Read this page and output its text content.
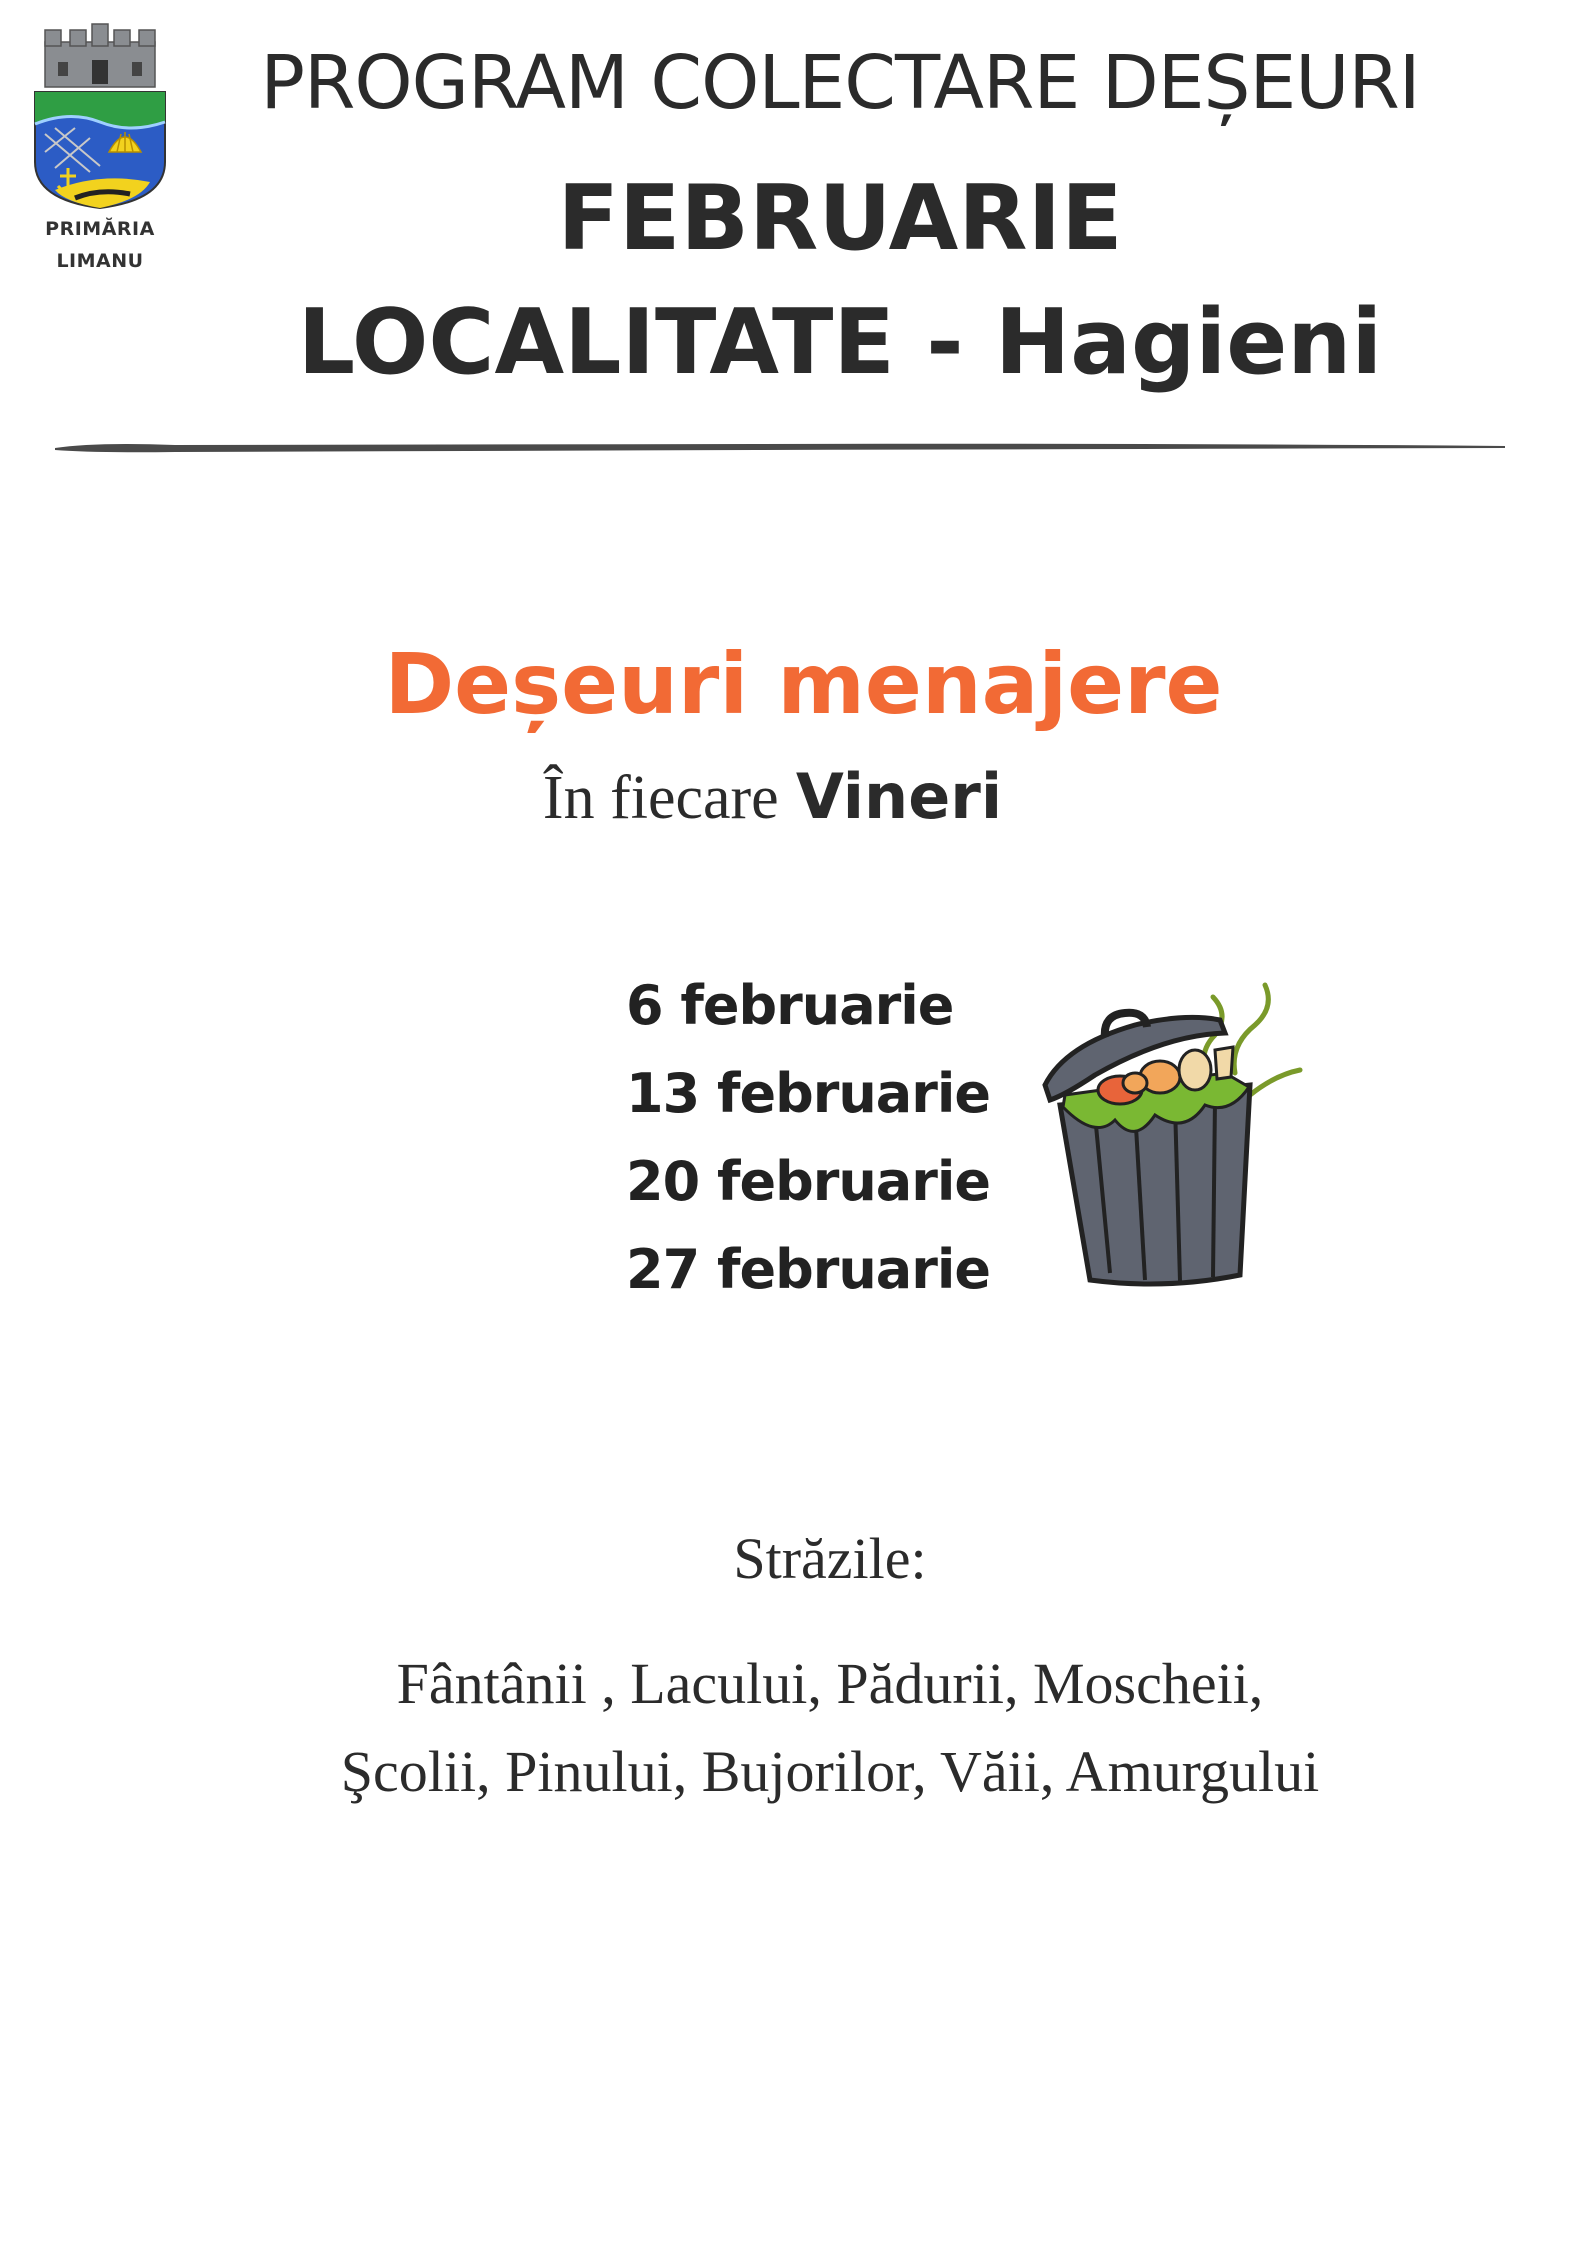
PRIMĂRIA
LIMANU
PROGRAM COLECTARE DEȘEURI
FEBRUARIE
LOCALITATE - Hagieni
Deșeuri menajere
În fiecare Vineri
6 februarie
13 februarie
20 februarie
27 februarie
Străzile:
Fântânii , Lacului, Pădurii, Moscheii,
Şcolii, Pinului, Bujorilor, Văii, Amurgului
